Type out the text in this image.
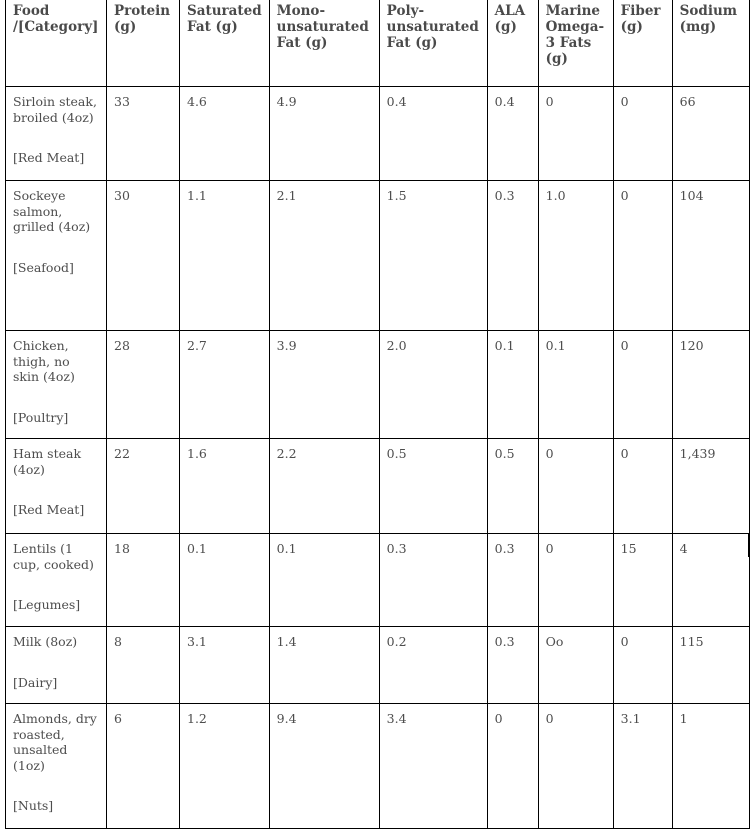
Food /[Category]	Protein (g)	Saturated Fat (g)	Mono-unsaturated Fat (g)	Poly-unsaturated Fat (g)	ALA (g)	Marine Omega-3 Fats (g)	Fiber (g)	Sodium (mg)

Sirloin steak, broiled (4oz)
[Red Meat]	33	4.6	4.9	0.4	0.4	0	0	66

Sockeye salmon, grilled (4oz)
[Seafood]	30	1.1	2.1	1.5	0.3	1.0	0	104

Chicken, thigh, no skin (4oz)
[Poultry]	28	2.7	3.9	2.0	0.1	0.1	0	120

Ham steak (4oz)
[Red Meat]	22	1.6	2.2	0.5	0.5	0	0	1,439

Lentils (1 cup, cooked)
[Legumes]	18	0.1	0.1	0.3	0.3	0	15	4

Milk (8oz)
[Dairy]	8	3.1	1.4	0.2	0.3	Oo	0	115

Almonds, dry roasted, unsalted (1oz)
[Nuts]	6	1.2	9.4	3.4	0	0	3.1	1
